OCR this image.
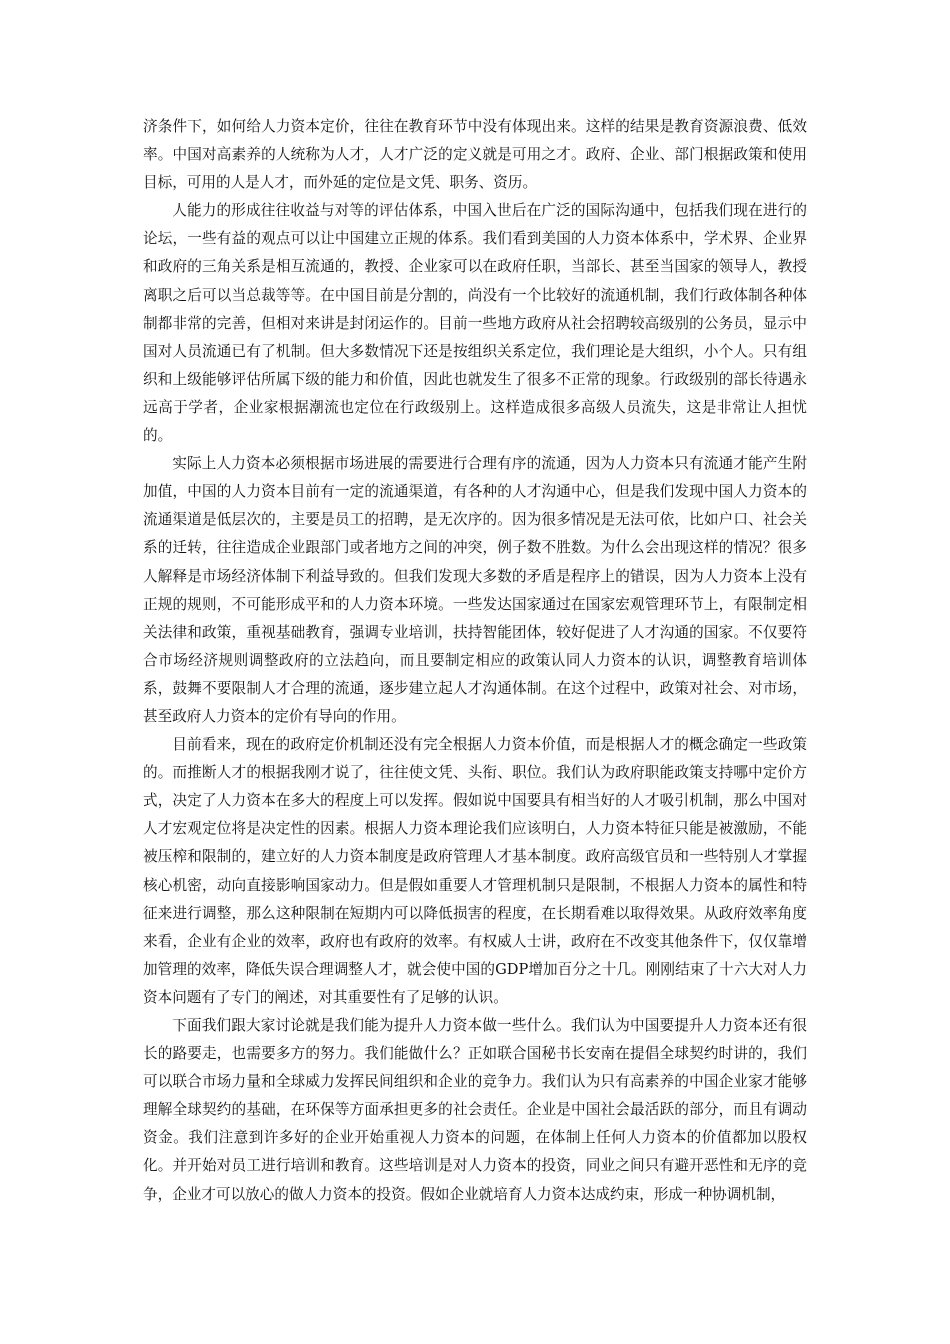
济条件下，如何给人力资本定价，往往在教育环节中没有体现出来。这样的结果是教育资源浪费、低效率。中国对高素养的人统称为人才，人才广泛的定义就是可用之才。政府、企业、部门根据政策和使用目标，可用的人是人才，而外延的定位是文凭、职务、资历。

人能力的形成往往收益与对等的评估体系，中国入世后在广泛的国际沟通中，包括我们现在进行的论坛，一些有益的观点可以让中国建立正规的体系。我们看到美国的人力资本体系中，学术界、企业界和政府的三角关系是相互流通的，教授、企业家可以在政府任职，当部长、甚至当国家的领导人，教授离职之后可以当总裁等等。在中国目前是分割的，尚没有一个比较好的流通机制，我们行政体制各种体制都非常的完善，但相对来讲是封闭运作的。目前一些地方政府从社会招聘较高级别的公务员，显示中国对人员流通已有了机制。但大多数情况下还是按组织关系定位，我们理论是大组织，小个人。只有组织和上级能够评估所属下级的能力和价值，因此也就发生了很多不正常的现象。行政级别的部长待遇永远高于学者，企业家根据潮流也定位在行政级别上。这样造成很多高级人员流失，这是非常让人担忧的。

实际上人力资本必须根据市场进展的需要进行合理有序的流通，因为人力资本只有流通才能产生附加值，中国的人力资本目前有一定的流通渠道，有各种的人才沟通中心，但是我们发现中国人力资本的流通渠道是低层次的，主要是员工的招聘，是无次序的。因为很多情况是无法可依，比如户口、社会关系的迁转，往往造成企业跟部门或者地方之间的冲突，例子数不胜数。为什么会出现这样的情况？很多人解释是市场经济体制下利益导致的。但我们发现大多数的矛盾是程序上的错误，因为人力资本上没有正规的规则，不可能形成平和的人力资本环境。一些发达国家通过在国家宏观管理环节上，有限制定相关法律和政策，重视基础教育，强调专业培训，扶持智能团体，较好促进了人才沟通的国家。不仅要符合市场经济规则调整政府的立法趋向，而且要制定相应的政策认同人力资本的认识，调整教育培训体系，鼓舞不要限制人才合理的流通，逐步建立起人才沟通体制。在这个过程中，政策对社会、对市场，甚至政府人力资本的定价有导向的作用。

目前看来，现在的政府定价机制还没有完全根据人力资本价值，而是根据人才的概念确定一些政策的。而推断人才的根据我刚才说了，往往使文凭、头衔、职位。我们认为政府职能政策支持哪中定价方式，决定了人力资本在多大的程度上可以发挥。假如说中国要具有相当好的人才吸引机制，那么中国对人才宏观定位将是决定性的因素。根据人力资本理论我们应该明白，人力资本特征只能是被激励，不能被压榨和限制的，建立好的人力资本制度是政府管理人才基本制度。政府高级官员和一些特别人才掌握核心机密，动向直接影响国家动力。但是假如重要人才管理机制只是限制，不根据人力资本的属性和特征来进行调整，那么这种限制在短期内可以降低损害的程度，在长期看难以取得效果。从政府效率角度来看，企业有企业的效率，政府也有政府的效率。有权威人士讲，政府在不改变其他条件下，仅仅靠增加管理的效率，降低失误合理调整人才，就会使中国的GDP增加百分之十几。刚刚结束了十六大对人力资本问题有了专门的阐述，对其重要性有了足够的认识。

下面我们跟大家讨论就是我们能为提升人力资本做一些什么。我们认为中国要提升人力资本还有很长的路要走，也需要多方的努力。我们能做什么？正如联合国秘书长安南在提倡全球契约时讲的，我们可以联合市场力量和全球威力发挥民间组织和企业的竞争力。我们认为只有高素养的中国企业家才能够理解全球契约的基础，在环保等方面承担更多的社会责任。企业是中国社会最活跃的部分，而且有调动资金。我们注意到许多好的企业开始重视人力资本的问题，在体制上任何人力资本的价值都加以股权化。并开始对员工进行培训和教育。这些培训是对人力资本的投资，同业之间只有避开恶性和无序的竞争，企业才可以放心的做人力资本的投资。假如企业就培育人力资本达成约束，形成一种协调机制，
